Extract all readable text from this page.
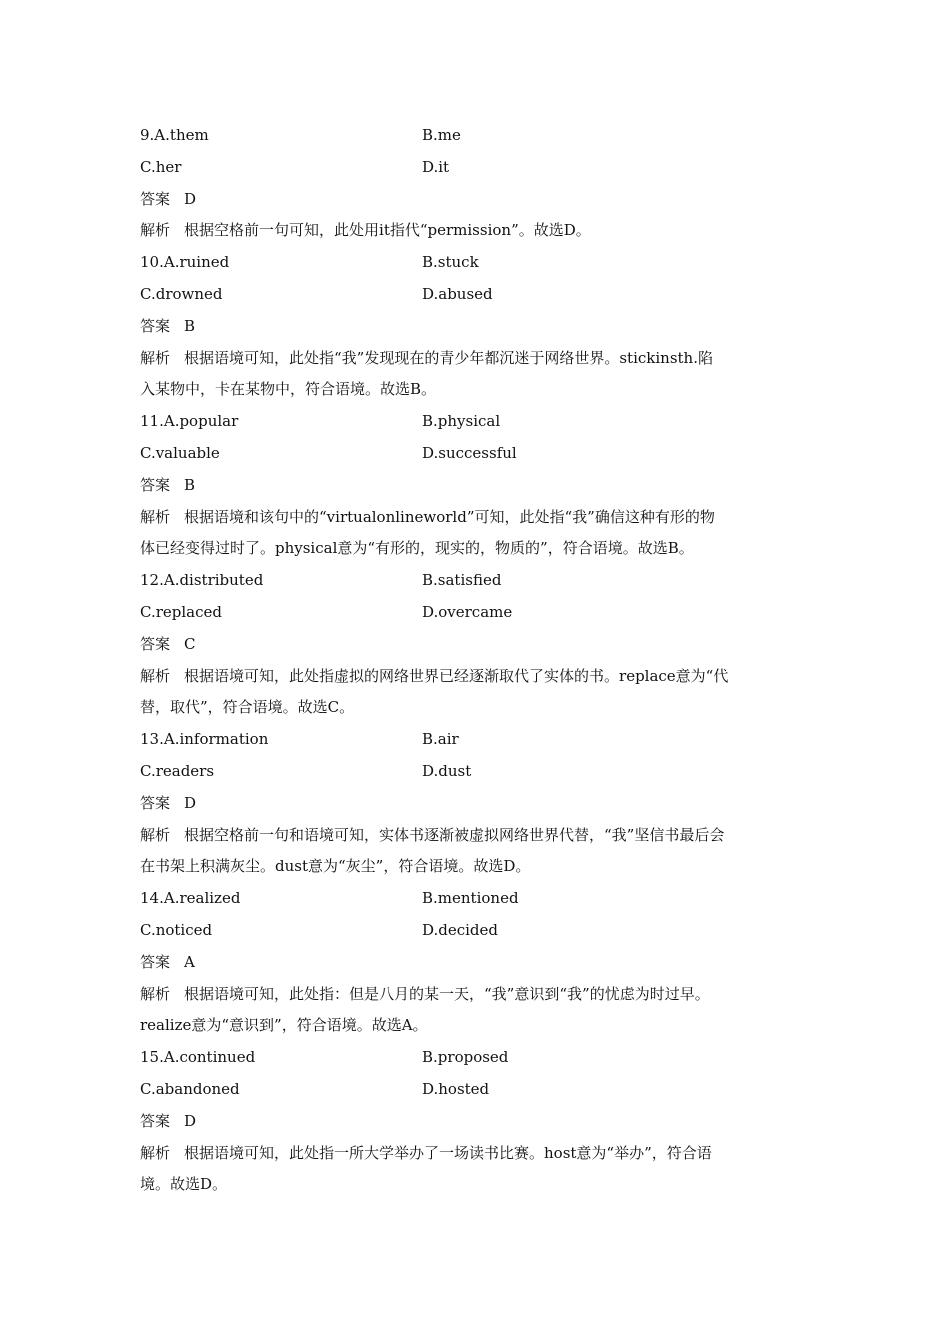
9.A.them	B.me
C.her	D.it
答案 D
解析 根据空格前一句可知，此处用it指代“permission”。故选D。
10.A.ruined	B.stuck
C.drowned	D.abused
答案 B
解析 根据语境可知，此处指“我”发现现在的青少年都沉迷于网络世界。stickinsth.陷
入某物中，卡在某物中，符合语境。故选B。
11.A.popular	B.physical
C.valuable	D.successful
答案 B
解析 根据语境和该句中的“virtualonlineworld”可知，此处指“我”确信这种有形的物
体已经变得过时了。physical意为“有形的，现实的，物质的”，符合语境。故选B。
12.A.distributed	B.satisfied
C.replaced	D.overcame
答案 C
解析 根据语境可知，此处指虚拟的网络世界已经逐渐取代了实体的书。replace意为“代
替，取代”，符合语境。故选C。
13.A.information	B.air
C.readers	D.dust
答案 D
解析 根据空格前一句和语境可知，实体书逐渐被虚拟网络世界代替，“我”坚信书最后会
在书架上积满灰尘。dust意为“灰尘”，符合语境。故选D。
14.A.realized	B.mentioned
C.noticed	D.decided
答案 A
解析 根据语境可知，此处指：但是八月的某一天，“我”意识到“我”的忧虑为时过早。
realize意为“意识到”，符合语境。故选A。
15.A.continued	B.proposed
C.abandoned	D.hosted
答案 D
解析 根据语境可知，此处指一所大学举办了一场读书比赛。host意为“举办”，符合语
境。故选D。
